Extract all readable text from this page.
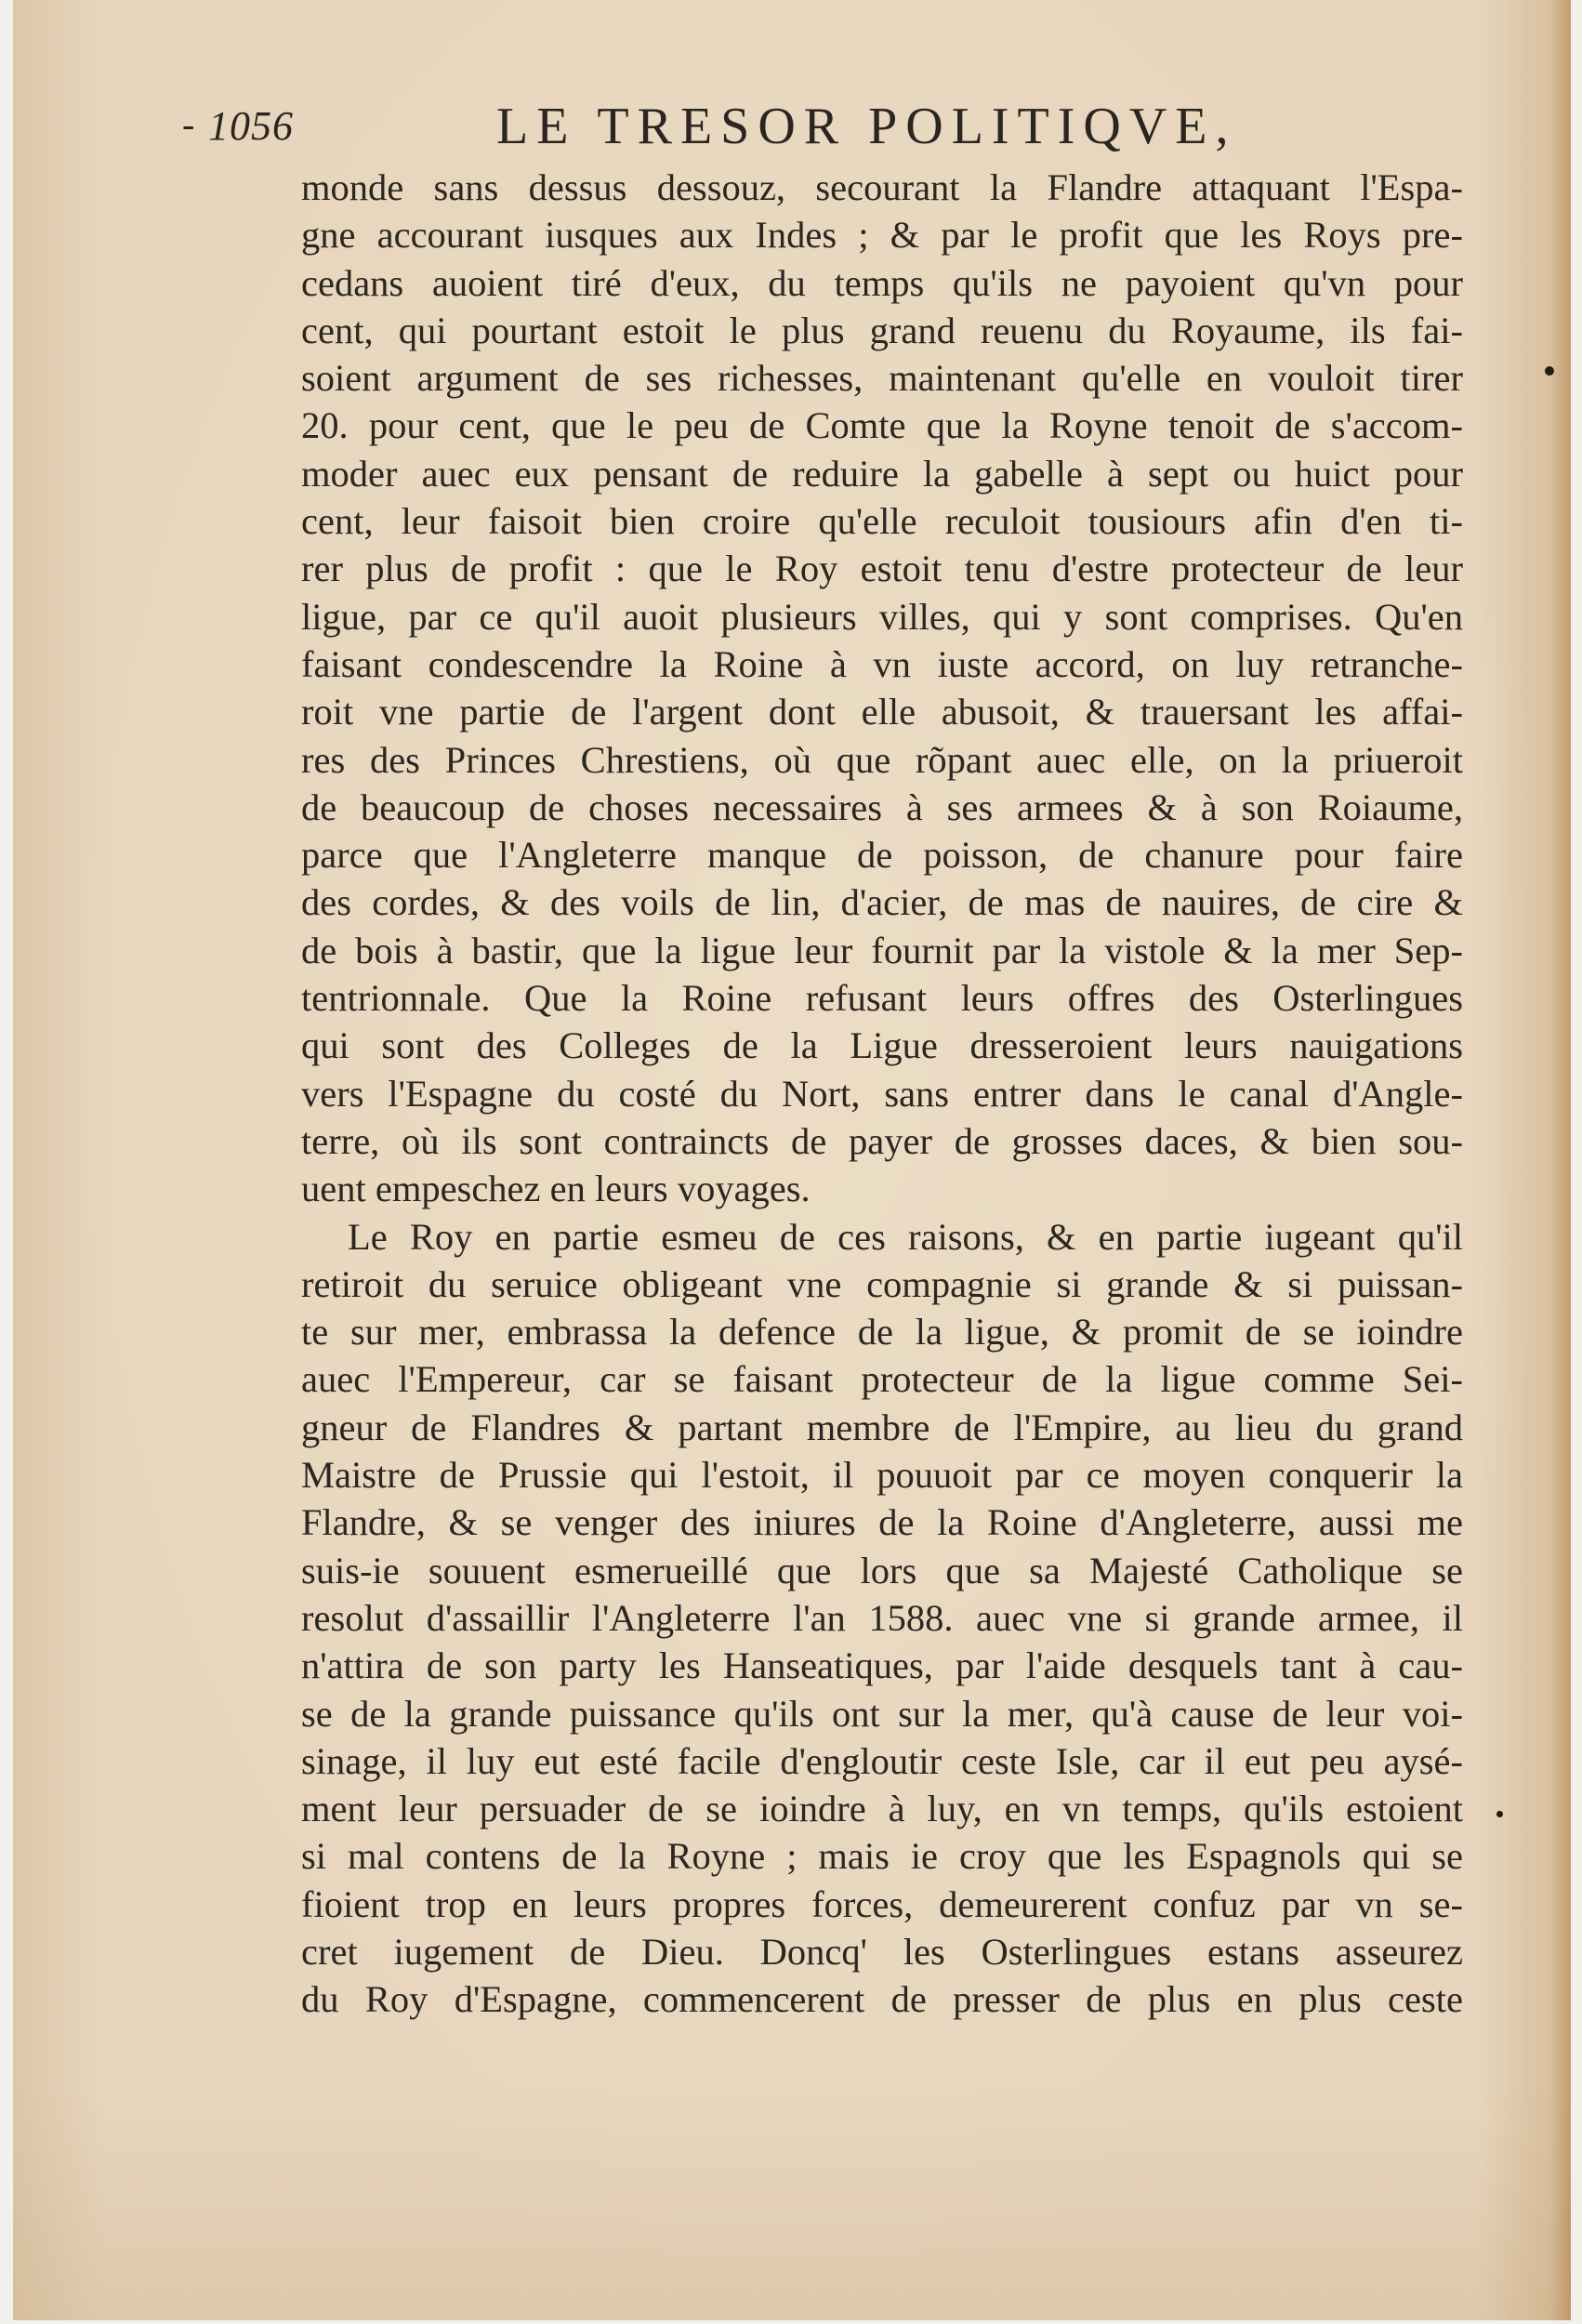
- 1056	LE TRESOR POLITIQVE,
monde sans dessus dessouz, secourant la Flandre attaquant l'Espa-
gne accourant iusques aux Indes ; & par le profit que les Roys pre-
cedans auoient tiré d'eux, du temps qu'ils ne payoient qu'vn pour
cent, qui pourtant estoit le plus grand reuenu du Royaume, ils fai-
soient argument de ses richesses, maintenant qu'elle en vouloit tirer
20. pour cent, que le peu de Comte que la Royne tenoit de s'accom-
moder auec eux pensant de reduire la gabelle à sept ou huict pour
cent, leur faisoit bien croire qu'elle reculoit tousiours afin d'en ti-
rer plus de profit : que le Roy estoit tenu d'estre protecteur de leur
ligue, par ce qu'il auoit plusieurs villes, qui y sont comprises. Qu'en
faisant condescendre la Roine à vn iuste accord, on luy retranche-
roit vne partie de l'argent dont elle abusoit, & trauersant les affai-
res des Princes Chrestiens, où que rõpant auec elle, on la priueroit
de beaucoup de choses necessaires à ses armees & à son Roiaume,
parce que l'Angleterre manque de poisson, de chanure pour faire
des cordes, & des voils de lin, d'acier, de mas de nauires, de cire &
de bois à bastir, que la ligue leur fournit par la vistole & la mer Sep-
tentrionnale. Que la Roine refusant leurs offres des Osterlingues
qui sont des Colleges de la Ligue dresseroient leurs nauigations
vers l'Espagne du costé du Nort, sans entrer dans le canal d'Angle-
terre, où ils sont contraincts de payer de grosses daces, & bien sou-
uent empeschez en leurs voyages.
Le Roy en partie esmeu de ces raisons, & en partie iugeant qu'il
retiroit du seruice obligeant vne compagnie si grande & si puissan-
te sur mer, embrassa la defence de la ligue, & promit de se ioindre
auec l'Empereur, car se faisant protecteur de la ligue comme Sei-
gneur de Flandres & partant membre de l'Empire, au lieu du grand
Maistre de Prussie qui l'estoit, il pouuoit par ce moyen conquerir la
Flandre, & se venger des iniures de la Roine d'Angleterre, aussi me
suis-ie souuent esmerueillé que lors que sa Majesté Catholique se
resolut d'assaillir l'Angleterre l'an 1588. auec vne si grande armee, il
n'attira de son party les Hanseatiques, par l'aide desquels tant à cau-
se de la grande puissance qu'ils ont sur la mer, qu'à cause de leur voi-
sinage, il luy eut esté facile d'engloutir ceste Isle, car il eut peu aysé-
ment leur persuader de se ioindre à luy, en vn temps, qu'ils estoient
si mal contens de la Royne ; mais ie croy que les Espagnols qui se
fioient trop en leurs propres forces, demeurerent confuz par vn se-
cret iugement de Dieu. Doncq' les Osterlingues estans asseurez
du Roy d'Espagne, commencerent de presser de plus en plus ceste
